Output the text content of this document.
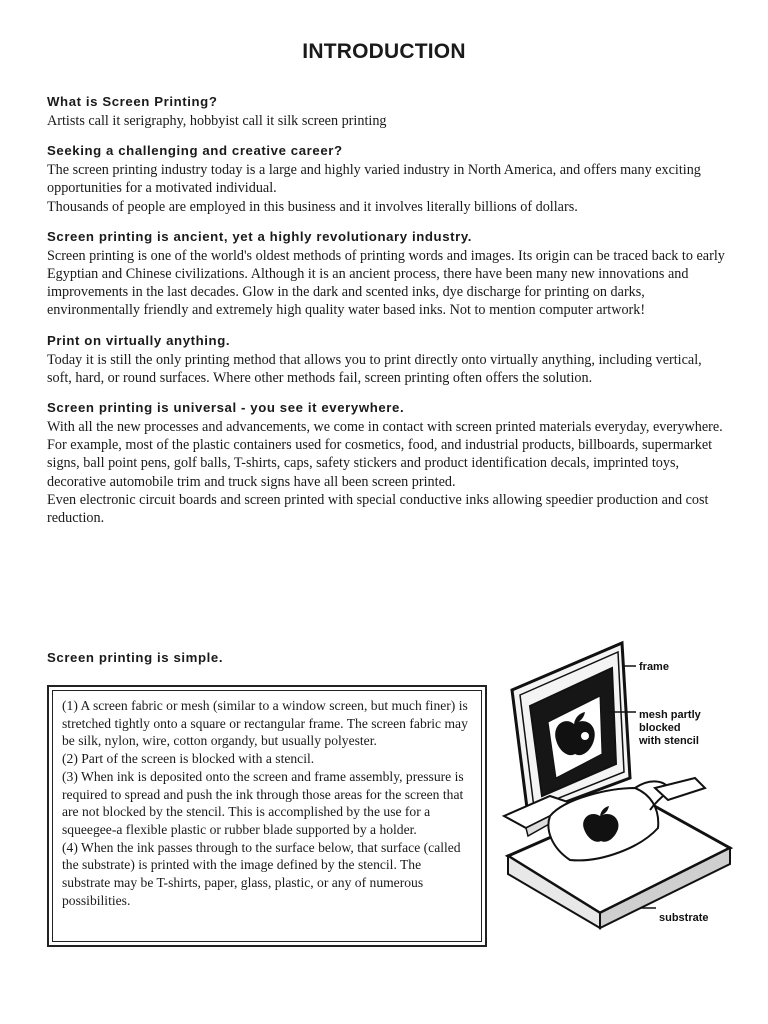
INTRODUCTION
What is Screen Printing?

Artists call it serigraphy, hobbyist call it silk screen printing

Seeking a challenging and creative career?

The screen printing industry today is a large and highly varied industry in North America, and offers many exciting opportunities for a motivated individual.

Thousands of people are employed in this business and it involves literally billions of dollars.

Screen printing is ancient, yet a highly revolutionary industry.

Screen printing is one of the world's oldest methods of printing words and images. Its origin can be traced back to early Egyptian and Chinese civilizations. Although it is an ancient process, there have been many new innovations and improvements in the last decades. Glow in the dark and scented inks, dye discharge for printing on darks, environmentally friendly and extremely high quality water based inks. Not to mention computer artwork!

Print on virtually anything.

Today it is still the only printing method that allows you to print directly onto virtually anything, including vertical, soft, hard, or round surfaces. Where other methods fail, screen printing often offers the solution.

Screen printing is universal - you see it everywhere.

With all the new processes and advancements, we come in contact with screen printed materials everyday, everywhere. For example, most of the plastic containers used for cosmetics, food, and industrial products, billboards, supermarket signs, ball point pens, golf balls, T-shirts, caps, safety stickers and product identification decals, imprinted toys, decorative automobile trim and truck signs have all been screen printed.

Even electronic circuit boards and screen printed with special conductive inks allowing speedier production and cost reduction.

Screen printing is simple.

(1) A screen fabric or mesh (similar to a window screen, but much finer) is stretched tightly onto a square or rectangular frame. The screen fabric may be silk, nylon, wire, cotton organdy, but usually polyester.

(2) Part of the screen is blocked with a stencil.

(3) When ink is deposited onto the screen and frame assembly, pressure is required to spread and push the ink through those areas for the screen that are not blocked by the stencil. This is accomplished by the use for a squeegee-a flexible plastic or rubber blade supported by a holder.

(4) When the ink passes through to the surface below, that surface (called the substrate) is printed with the image defined by the stencil. The substrate may be T-shirts, paper, glass, plastic, or any of numerous possibilities.

frame
mesh partly
blocked
with stencil
substrate
